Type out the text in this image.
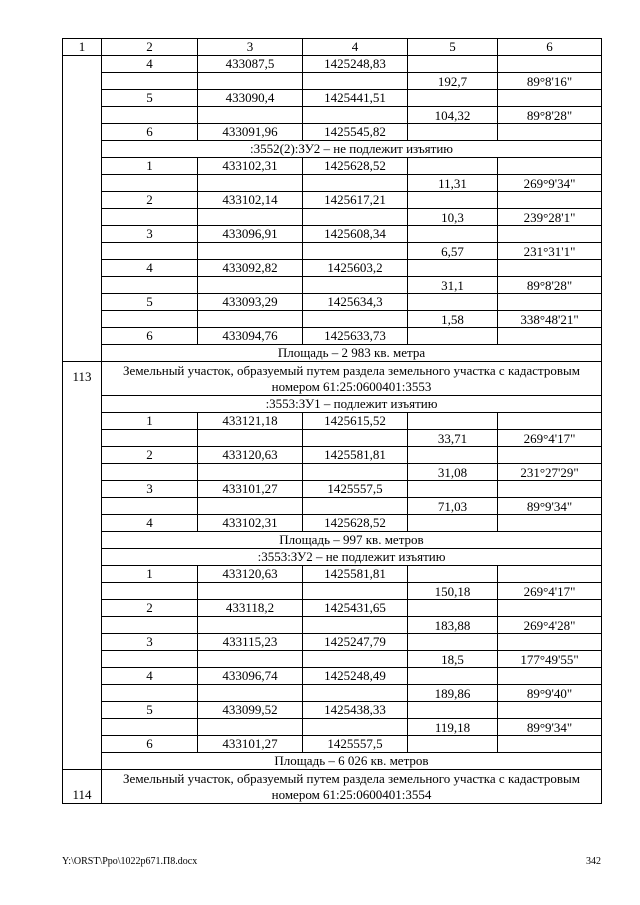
1	2	3	4	5	6
	4	433087,5	1425248,83		
				192,7	89°8'16"
	5	433090,4	1425441,51		
				104,32	89°8'28"
	6	433091,96	1425545,82		
	:3552(2):ЗУ2 – не подлежит изъятию				
	1	433102,31	1425628,52		
				11,31	269°9'34"
	2	433102,14	1425617,21		
				10,3	239°28'1"
	3	433096,91	1425608,34		
				6,57	231°31'1"
	4	433092,82	1425603,2		
				31,1	89°8'28"
	5	433093,29	1425634,3		
				1,58	338°48'21"
	6	433094,76	1425633,73		
	Площадь – 2 983 кв. метра				
113	Земельный участок, образуемый путем раздела земельного участка с кадастровым номером 61:25:0600401:3553				
	:3553:ЗУ1 – подлежит изъятию				
	1	433121,18	1425615,52		
				33,71	269°4'17"
	2	433120,63	1425581,81		
				31,08	231°27'29"
	3	433101,27	1425557,5		
				71,03	89°9'34"
	4	433102,31	1425628,52		
	Площадь – 997 кв. метров				
	:3553:ЗУ2 – не подлежит изъятию				
	1	433120,63	1425581,81		
				150,18	269°4'17"
	2	433118,2	1425431,65		
				183,88	269°4'28"
	3	433115,23	1425247,79		
				18,5	177°49'55"
	4	433096,74	1425248,49		
				189,86	89°9'40"
	5	433099,52	1425438,33		
				119,18	89°9'34"
	6	433101,27	1425557,5		
	Площадь – 6 026 кв. метров				
114	Земельный участок, образуемый путем раздела земельного участка с кадастровым номером 61:25:0600401:3554				
Y:\ORST\Ppo\1022p671.П8.docx	342
